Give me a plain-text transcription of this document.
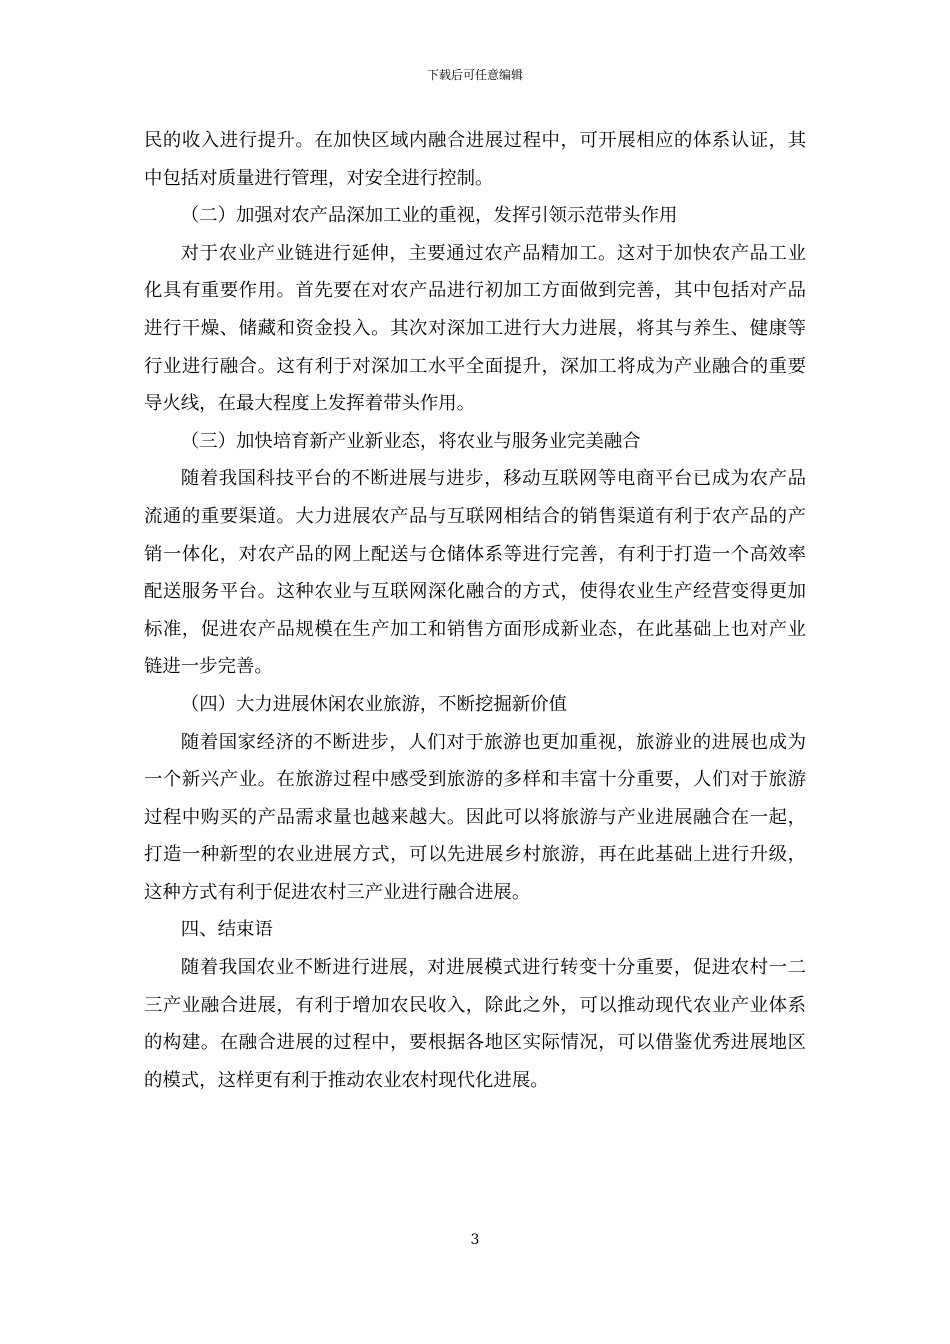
下载后可任意编辑

民的收入进行提升。在加快区域内融合进展过程中，可开展相应的体系认证，其中包括对质量进行管理，对安全进行控制。

（二）加强对农产品深加工业的重视，发挥引领示范带头作用

对于农业产业链进行延伸，主要通过农产品精加工。这对于加快农产品工业化具有重要作用。首先要在对农产品进行初加工方面做到完善，其中包括对产品进行干燥、储藏和资金投入。其次对深加工进行大力进展，将其与养生、健康等行业进行融合。这有利于对深加工水平全面提升，深加工将成为产业融合的重要导火线，在最大程度上发挥着带头作用。

（三）加快培育新产业新业态，将农业与服务业完美融合

随着我国科技平台的不断进展与进步，移动互联网等电商平台已成为农产品流通的重要渠道。大力进展农产品与互联网相结合的销售渠道有利于农产品的产销一体化，对农产品的网上配送与仓储体系等进行完善，有利于打造一个高效率配送服务平台。这种农业与互联网深化融合的方式，使得农业生产经营变得更加标准，促进农产品规模在生产加工和销售方面形成新业态，在此基础上也对产业链进一步完善。

（四）大力进展休闲农业旅游，不断挖掘新价值

随着国家经济的不断进步，人们对于旅游也更加重视，旅游业的进展也成为一个新兴产业。在旅游过程中感受到旅游的多样和丰富十分重要，人们对于旅游过程中购买的产品需求量也越来越大。因此可以将旅游与产业进展融合在一起，打造一种新型的农业进展方式，可以先进展乡村旅游，再在此基础上进行升级，这种方式有利于促进农村三产业进行融合进展。

四、结束语

随着我国农业不断进行进展，对进展模式进行转变十分重要，促进农村一二三产业融合进展，有利于增加农民收入，除此之外，可以推动现代农业产业体系的构建。在融合进展的过程中，要根据各地区实际情况，可以借鉴优秀进展地区的模式，这样更有利于推动农业农村现代化进展。

3
